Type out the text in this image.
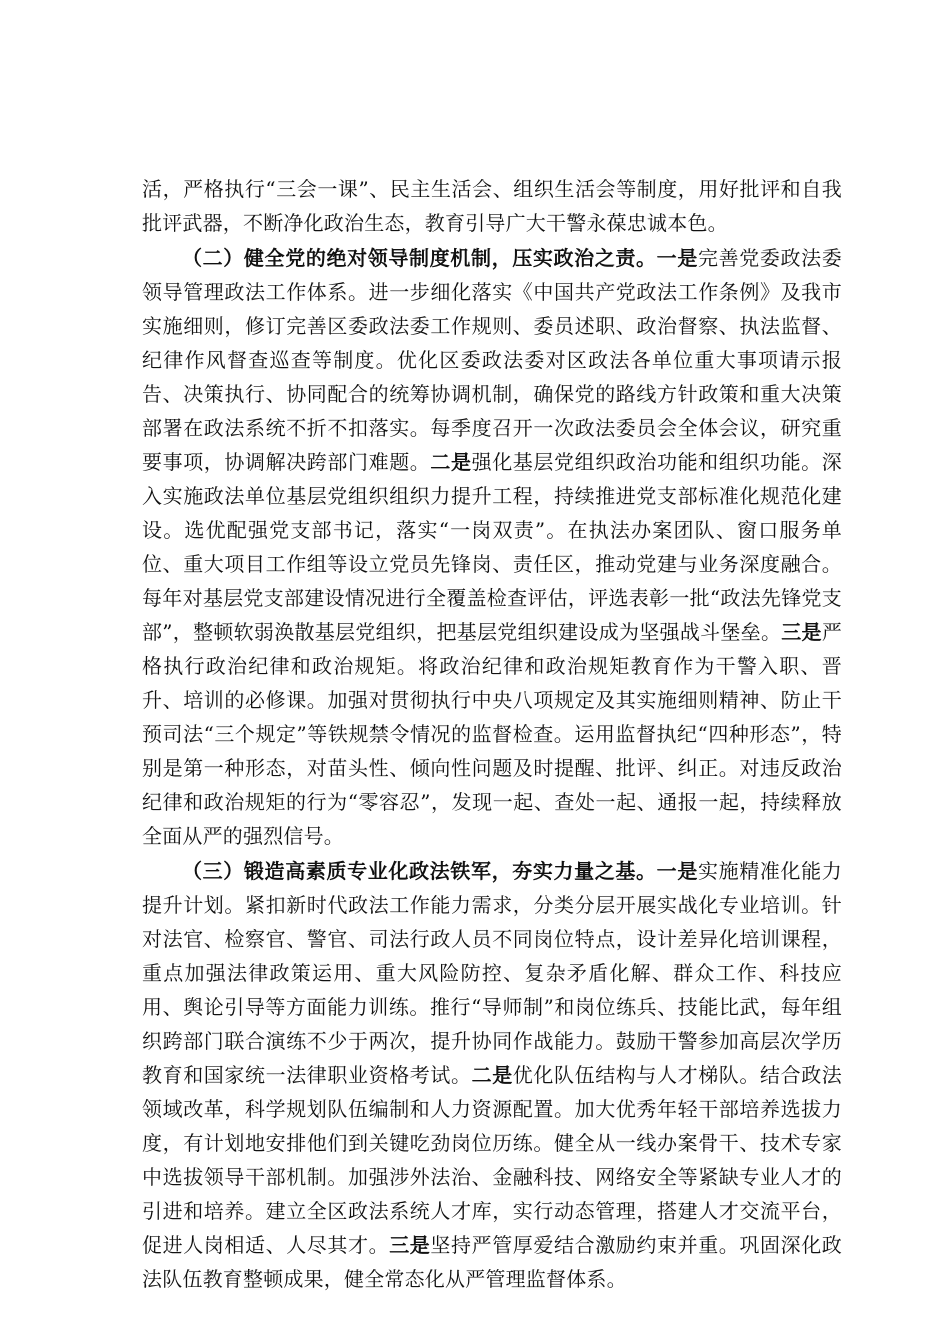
活，严格执行“三会一课”、民主生活会、组织生活会等制度，用好批评和自我批评武器，不断净化政治生态，教育引导广大干警永葆忠诚本色。

（二）健全党的绝对领导制度机制，压实政治之责。一是完善党委政法委领导管理政法工作体系。进一步细化落实《中国共产党政法工作条例》及我市实施细则，修订完善区委政法委工作规则、委员述职、政治督察、执法监督、纪律作风督查巡查等制度。优化区委政法委对区政法各单位重大事项请示报告、决策执行、协同配合的统筹协调机制，确保党的路线方针政策和重大决策部署在政法系统不折不扣落实。每季度召开一次政法委员会全体会议，研究重要事项，协调解决跨部门难题。二是强化基层党组织政治功能和组织功能。深入实施政法单位基层党组织组织力提升工程，持续推进党支部标准化规范化建设。选优配强党支部书记，落实“一岗双责”。在执法办案团队、窗口服务单位、重大项目工作组等设立党员先锋岗、责任区，推动党建与业务深度融合。每年对基层党支部建设情况进行全覆盖检查评估，评选表彰一批“政法先锋党支部”，整顿软弱涣散基层党组织，把基层党组织建设成为坚强战斗堡垒。三是严格执行政治纪律和政治规矩。将政治纪律和政治规矩教育作为干警入职、晋升、培训的必修课。加强对贯彻执行中央八项规定及其实施细则精神、防止干预司法“三个规定”等铁规禁令情况的监督检查。运用监督执纪“四种形态”，特别是第一种形态，对苗头性、倾向性问题及时提醒、批评、纠正。对违反政治纪律和政治规矩的行为“零容忍”，发现一起、查处一起、通报一起，持续释放全面从严的强烈信号。

（三）锻造高素质专业化政法铁军，夯实力量之基。一是实施精准化能力提升计划。紧扣新时代政法工作能力需求，分类分层开展实战化专业培训。针对法官、检察官、警官、司法行政人员不同岗位特点，设计差异化培训课程，重点加强法律政策运用、重大风险防控、复杂矛盾化解、群众工作、科技应用、舆论引导等方面能力训练。推行“导师制”和岗位练兵、技能比武，每年组织跨部门联合演练不少于两次，提升协同作战能力。鼓励干警参加高层次学历教育和国家统一法律职业资格考试。二是优化队伍结构与人才梯队。结合政法领域改革，科学规划队伍编制和人力资源配置。加大优秀年轻干部培养选拔力度，有计划地安排他们到关键吃劲岗位历练。健全从一线办案骨干、技术专家中选拔领导干部机制。加强涉外法治、金融科技、网络安全等紧缺专业人才的引进和培养。建立全区政法系统人才库，实行动态管理，搭建人才交流平台，促进人岗相适、人尽其才。三是坚持严管厚爱结合激励约束并重。巩固深化政法队伍教育整顿成果，健全常态化从严管理监督体系。
